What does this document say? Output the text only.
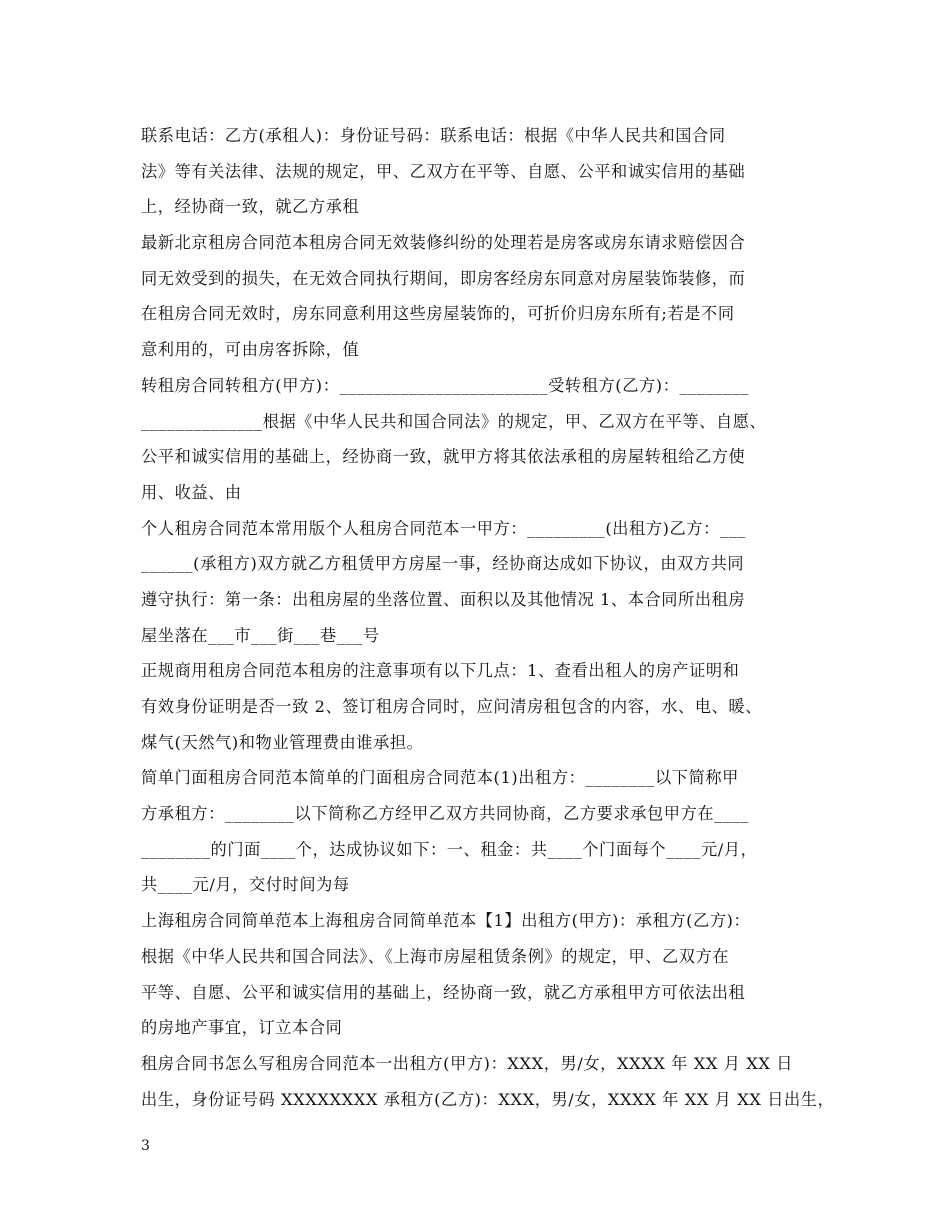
联系电话：乙方(承租人)：身份证号码：联系电话：根据《中华人民共和国合同
法》等有关法律、法规的规定，甲、乙双方在平等、自愿、公平和诚实信用的基础
上，经协商一致，就乙方承租
最新北京租房合同范本租房合同无效装修纠纷的处理若是房客或房东请求赔偿因合
同无效受到的损失，在无效合同执行期间，即房客经房东同意对房屋装饰装修，而
在租房合同无效时，房东同意利用这些房屋装饰的，可折价归房东所有;若是不同
意利用的，可由房客拆除，值
转租房合同转租方(甲方)：________________________受转租方(乙方)：________
______________根据《中华人民共和国合同法》的规定，甲、乙双方在平等、自愿、
公平和诚实信用的基础上，经协商一致，就甲方将其依法承租的房屋转租给乙方使
用、收益、由
个人租房合同范本常用版个人租房合同范本一甲方：_________(出租方)乙方：___
______(承租方)双方就乙方租赁甲方房屋一事，经协商达成如下协议，由双方共同
遵守执行：第一条：出租房屋的坐落位置、面积以及其他情况 1、本合同所出租房
屋坐落在___市___街___巷___号
正规商用租房合同范本租房的注意事项有以下几点：1、查看出租人的房产证明和
有效身份证明是否一致 2、签订租房合同时，应问清房租包含的内容，水、电、暖、
煤气(天然气)和物业管理费由谁承担。
简单门面租房合同范本简单的门面租房合同范本(1)出租方：________以下简称甲
方承租方：________以下简称乙方经甲乙双方共同协商，乙方要求承包甲方在____
________的门面____个，达成协议如下：一、租金：共____个门面每个____元/月，
共____元/月，交付时间为每
上海租房合同简单范本上海租房合同简单范本【1】出租方(甲方)：承租方(乙方)：
根据《中华人民共和国合同法》、《上海市房屋租赁条例》的规定，甲、乙双方在
平等、自愿、公平和诚实信用的基础上，经协商一致，就乙方承租甲方可依法出租
的房地产事宜，订立本合同
租房合同书怎么写租房合同范本一出租方(甲方)：XXX，男/女，XXXX 年 XX 月 XX 日
出生，身份证号码 XXXXXXXX 承租方(乙方)：XXX，男/女，XXXX 年 XX 月 XX 日出生，
3
